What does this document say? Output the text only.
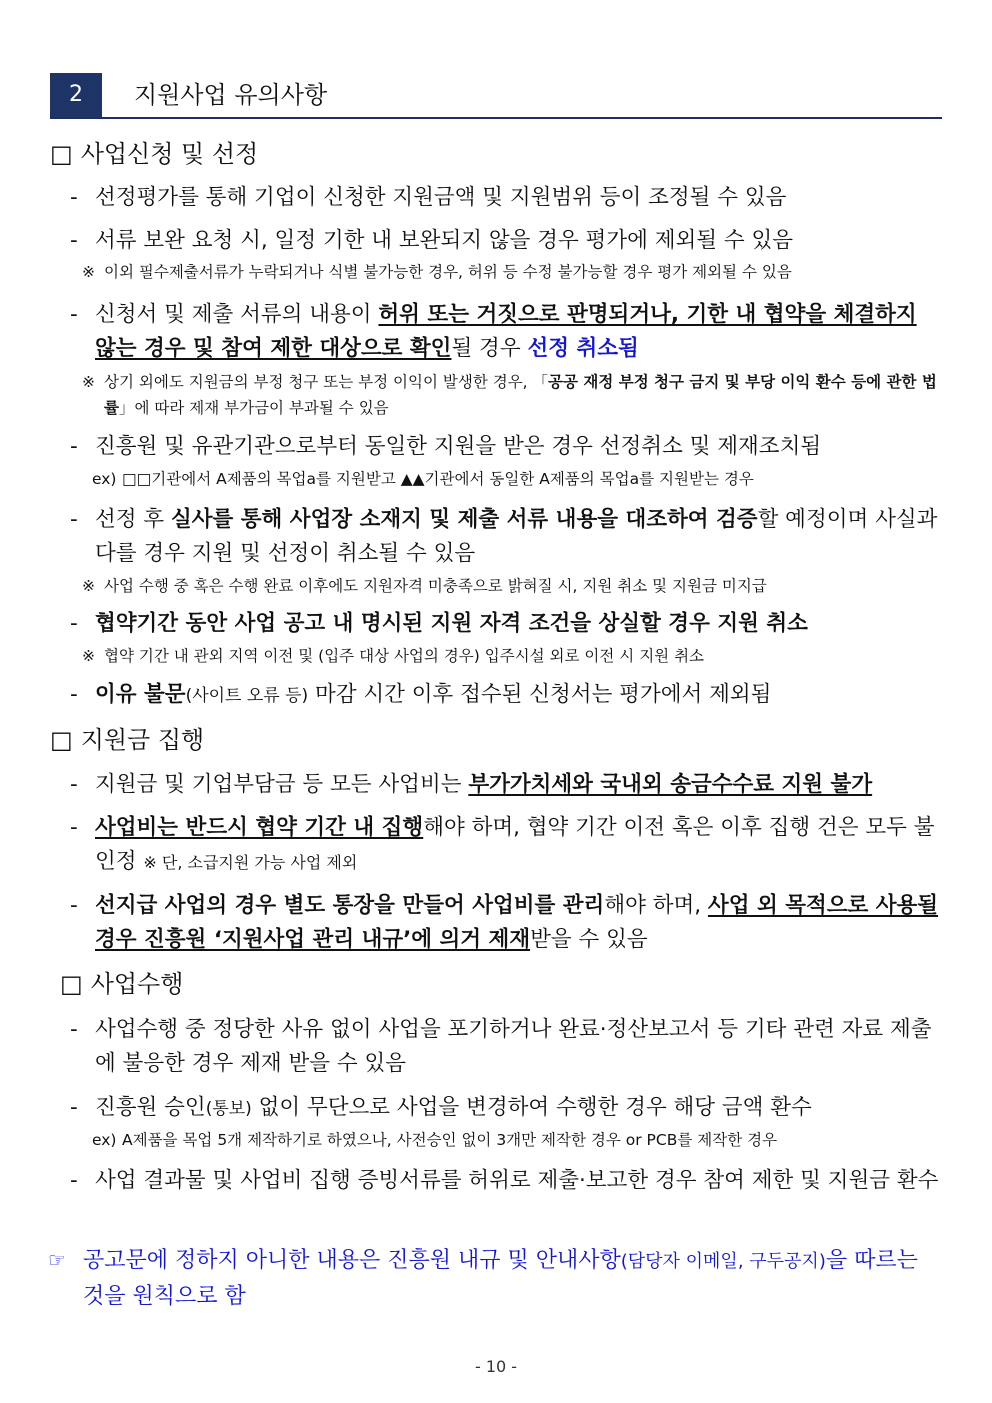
2	지원사업 유의사항
□ 사업신청 및 선정
- 선정평가를 통해 기업이 신청한 지원금액 및 지원범위 등이 조정될 수 있음
- 서류 보완 요청 시, 일정 기한 내 보완되지 않을 경우 평가에 제외될 수 있음
※ 이외 필수제출서류가 누락되거나 식별 불가능한 경우, 허위 등 수정 불가능할 경우 평가 제외될 수 있음
- 신청서 및 제출 서류의 내용이 허위 또는 거짓으로 판명되거나, 기한 내 협약을 체결하지 않는 경우 및 참여 제한 대상으로 확인될 경우 선정 취소됨
※ 상기 외에도 지원금의 부정 청구 또는 부정 이익이 발생한 경우, 「공공 재정 부정 청구 금지 및 부당 이익 환수 등에 관한 법률」에 따라 제재 부가금이 부과될 수 있음
- 진흥원 및 유관기관으로부터 동일한 지원을 받은 경우 선정취소 및 제재조치됨
ex) □□기관에서 A제품의 목업a를 지원받고 ▲▲기관에서 동일한 A제품의 목업a를 지원받는 경우
- 선정 후 실사를 통해 사업장 소재지 및 제출 서류 내용을 대조하여 검증할 예정이며 사실과 다를 경우 지원 및 선정이 취소될 수 있음
※ 사업 수행 중 혹은 수행 완료 이후에도 지원자격 미충족으로 밝혀질 시, 지원 취소 및 지원금 미지급
- 협약기간 동안 사업 공고 내 명시된 지원 자격 조건을 상실할 경우 지원 취소
※ 협약 기간 내 관외 지역 이전 및 (입주 대상 사업의 경우) 입주시설 외로 이전 시 지원 취소
- 이유 불문(사이트 오류 등) 마감 시간 이후 접수된 신청서는 평가에서 제외됨
□ 지원금 집행
- 지원금 및 기업부담금 등 모든 사업비는 부가가치세와 국내외 송금수수료 지원 불가
- 사업비는 반드시 협약 기간 내 집행해야 하며, 협약 기간 이전 혹은 이후 집행 건은 모두 불인정 ※ 단, 소급지원 가능 사업 제외
- 선지급 사업의 경우 별도 통장을 만들어 사업비를 관리해야 하며, 사업 외 목적으로 사용될 경우 진흥원 ‘지원사업 관리 내규’에 의거 제재받을 수 있음
□ 사업수행
- 사업수행 중 정당한 사유 없이 사업을 포기하거나 완료·정산보고서 등 기타 관련 자료 제출에 불응한 경우 제재 받을 수 있음
- 진흥원 승인(통보) 없이 무단으로 사업을 변경하여 수행한 경우 해당 금액 환수
ex) A제품을 목업 5개 제작하기로 하였으나, 사전승인 없이 3개만 제작한 경우 or PCB를 제작한 경우
- 사업 결과물 및 사업비 집행 증빙서류를 허위로 제출·보고한 경우 참여 제한 및 지원금 환수
☞ 공고문에 정하지 아니한 내용은 진흥원 내규 및 안내사항(담당자 이메일, 구두공지)을 따르는 것을 원칙으로 함
- 10 -
